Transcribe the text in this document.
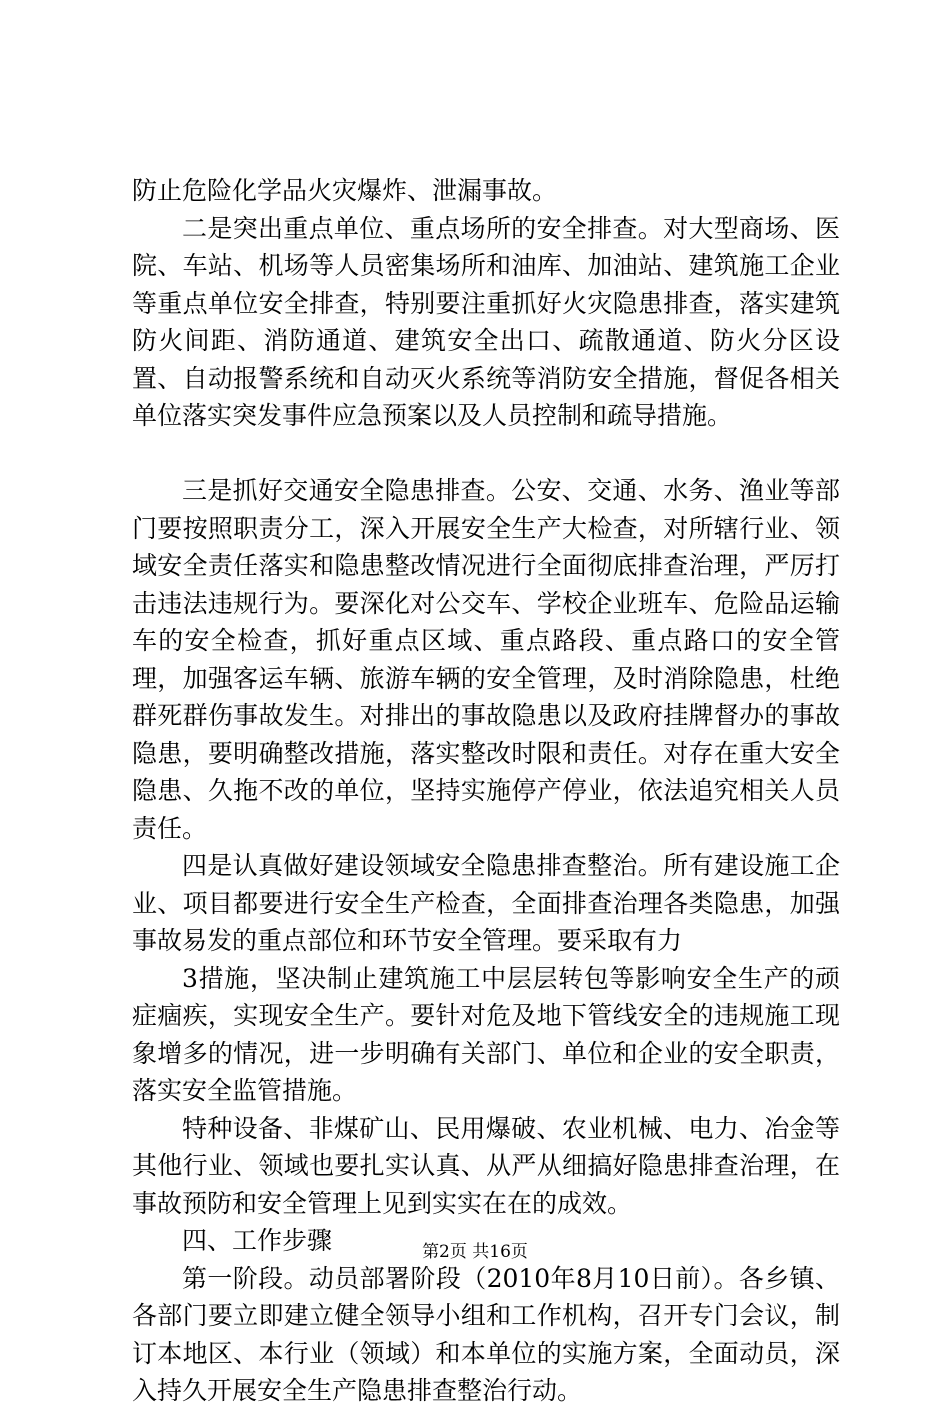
防止危险化学品火灾爆炸、泄漏事故。

二是突出重点单位、重点场所的安全排查。对大型商场、医院、车站、机场等人员密集场所和油库、加油站、建筑施工企业等重点单位安全排查，特别要注重抓好火灾隐患排查，落实建筑防火间距、消防通道、建筑安全出口、疏散通道、防火分区设置、自动报警系统和自动灭火系统等消防安全措施，督促各相关单位落实突发事件应急预案以及人员控制和疏导措施。

三是抓好交通安全隐患排查。公安、交通、水务、渔业等部门要按照职责分工，深入开展安全生产大检查，对所辖行业、领域安全责任落实和隐患整改情况进行全面彻底排查治理，严厉打击违法违规行为。要深化对公交车、学校企业班车、危险品运输车的安全检查，抓好重点区域、重点路段、重点路口的安全管理，加强客运车辆、旅游车辆的安全管理，及时消除隐患，杜绝群死群伤事故发生。对排出的事故隐患以及政府挂牌督办的事故隐患，要明确整改措施，落实整改时限和责任。对存在重大安全隐患、久拖不改的单位，坚持实施停产停业，依法追究相关人员责任。

四是认真做好建设领域安全隐患排查整治。所有建设施工企业、项目都要进行安全生产检查，全面排查治理各类隐患，加强事故易发的重点部位和环节安全管理。要采取有力

3措施，坚决制止建筑施工中层层转包等影响安全生产的顽症痼疾，实现安全生产。要针对危及地下管线安全的违规施工现象增多的情况，进一步明确有关部门、单位和企业的安全职责，落实安全监管措施。

特种设备、非煤矿山、民用爆破、农业机械、电力、冶金等其他行业、领域也要扎实认真、从严从细搞好隐患排查治理，在事故预防和安全管理上见到实实在在的成效。

四、工作步骤

第一阶段。动员部署阶段（2010年8月10日前）。各乡镇、各部门要立即建立健全领导小组和工作机构，召开专门会议，制订本地区、本行业（领域）和本单位的实施方案，全面动员，深入持久开展安全生产隐患排查整治行动。

第2页 共16页
